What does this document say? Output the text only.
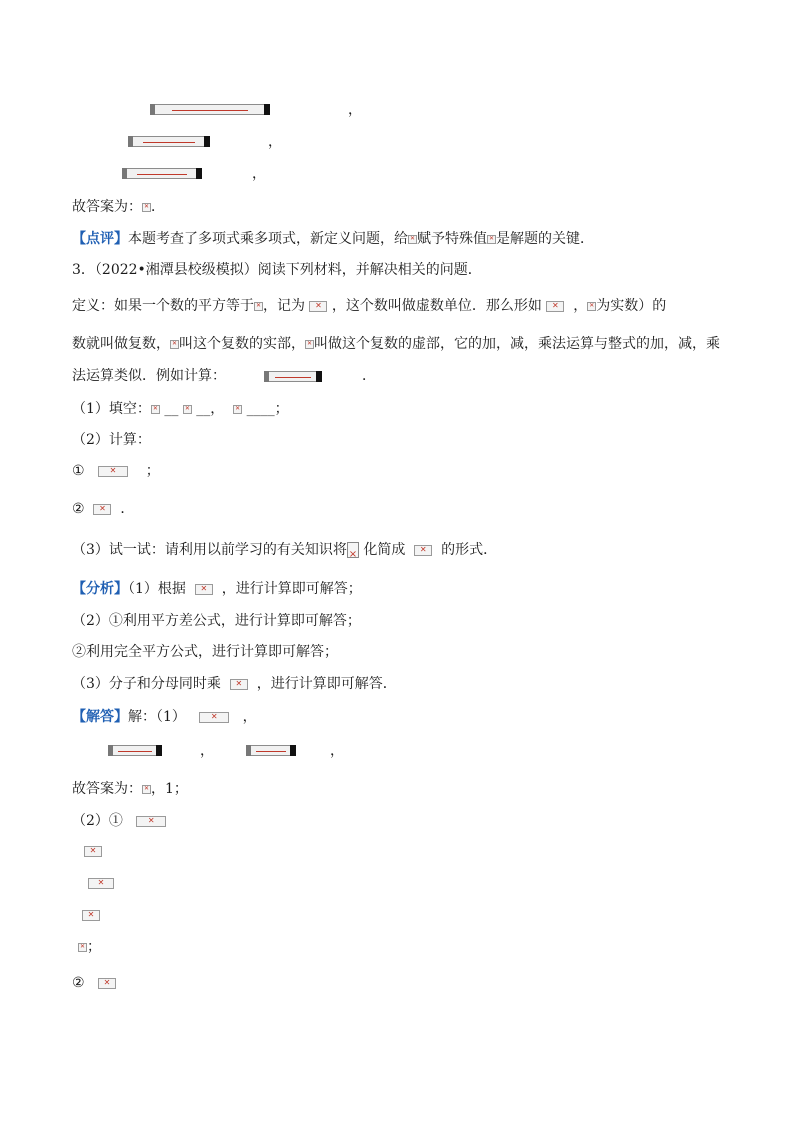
，
，
，
故答案为： ✕ ．
【点评】本题考查了多项式乘多项式，新定义问题，给 ✕ 赋予特殊值 ✕ 是解题的关键．
3．（2022•湘潭县校级模拟）阅读下列材料，并解决相关的问题．
定义：如果一个数的平方等于 ✕ ，记为 ✕ ，这个数叫做虚数单位．那么形如 ✕ ， ✕ 为实数）的
数就叫做复数， ✕ 叫这个复数的实部， ✕ 叫做这个复数的虚部，它的加，减，乘法运算与整式的加，减，乘
法运算类似．例如计算：	．
（1）填空： ✕ __ ✕ __， ✕ ____；
（2）计算：
① ✕	；
② ✕	．
（3）试一试：请利用以前学习的有关知识将 × 化简成 ✕	的形式．
【分析】（1）根据 ✕	，进行计算即可解答；
（2）①利用平方差公式，进行计算即可解答；
②利用完全平方公式，进行计算即可解答；
（3）分子和分母同时乘 ✕	，进行计算即可解答．
【解答】解：（1） ✕	，
，	，
故答案为： ✕ ，1；
（2）①   ✕
✕
✕
✕
✕；
②   ✕
